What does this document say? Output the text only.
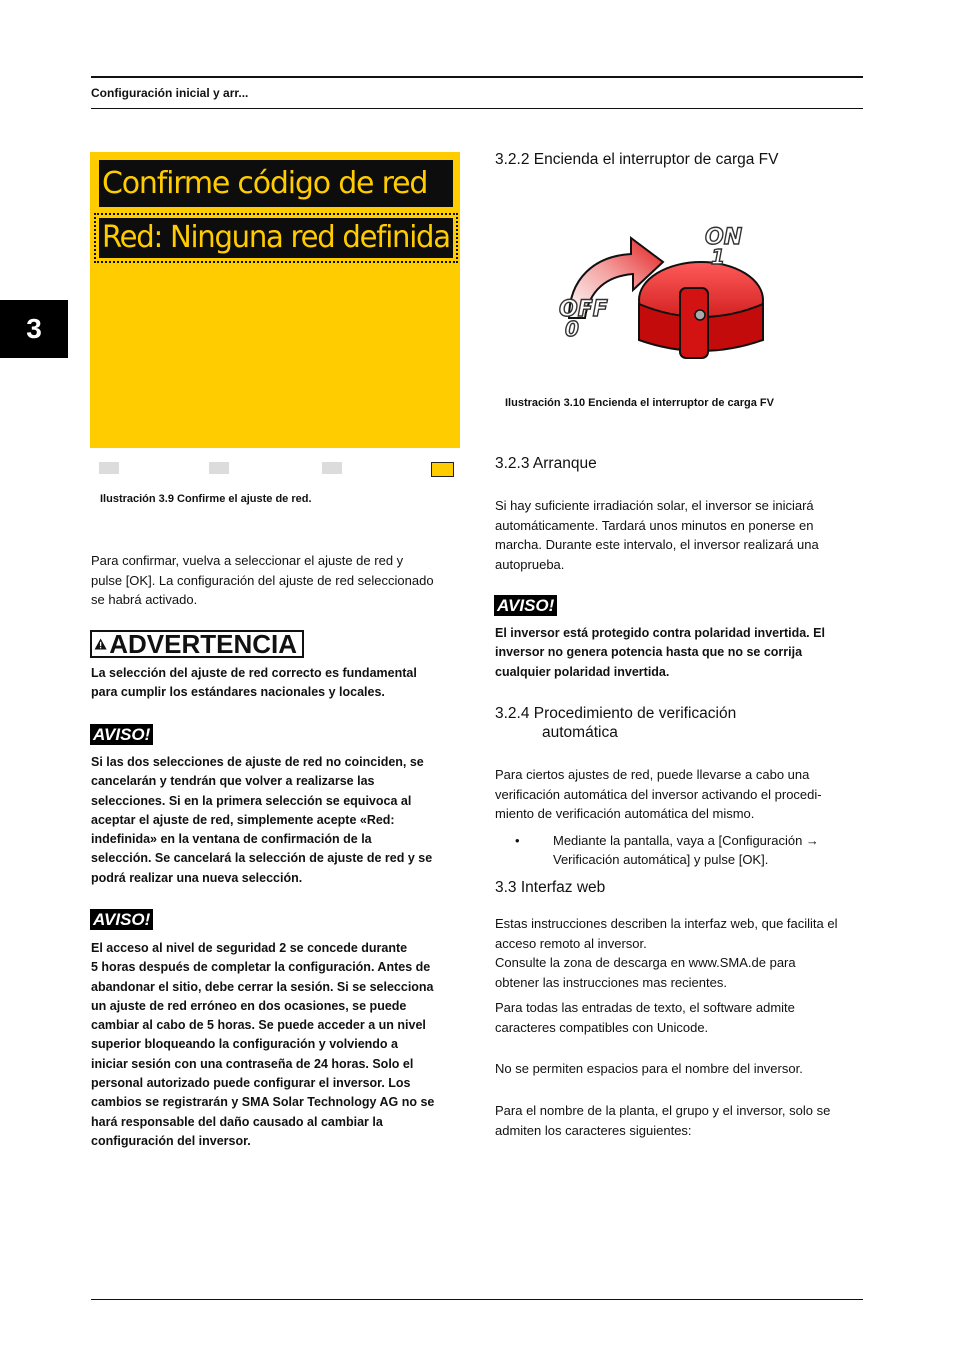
Configuración inicial y arr...
3
Confirme código de red
Red: Ninguna red definida
Ilustración 3.9 Confirme el ajuste de red.
Para confirmar, vuelva a seleccionar el ajuste de red y
pulse [OK]. La configuración del ajuste de red seleccionado
se habrá activado.
ADVERTENCIA
La selección del ajuste de red correcto es fundamental
para cumplir los estándares nacionales y locales.
AVISO!
Si las dos selecciones de ajuste de red no coinciden, se
cancelarán y tendrán que volver a realizarse las
selecciones. Si en la primera selección se equivoca al
aceptar el ajuste de red, simplemente acepte «Red:
indefinida» en la ventana de confirmación de la
selección. Se cancelará la selección de ajuste de red y se
podrá realizar una nueva selección.
AVISO!
El acceso al nivel de seguridad 2 se concede durante
5 horas después de completar la configuración. Antes de
abandonar el sitio, debe cerrar la sesión. Si se selecciona
un ajuste de red erróneo en dos ocasiones, se puede
cambiar al cabo de 5 horas. Se puede acceder a un nivel
superior bloqueando la configuración y volviendo a
iniciar sesión con una contraseña de 24 horas. Solo el
personal autorizado puede configurar el inversor. Los
cambios se registrarán y SMA Solar Technology AG no se
hará responsable del daño causado al cambiar la
configuración del inversor.
3.2.2 Encienda el interruptor de carga FV
ON
1
OFF
0
Ilustración 3.10 Encienda el interruptor de carga FV
3.2.3 Arranque
Si hay suficiente irradiación solar, el inversor se iniciará
automáticamente. Tardará unos minutos en ponerse en
marcha. Durante este intervalo, el inversor realizará una
autoprueba.
AVISO!
El inversor está protegido contra polaridad invertida. El
inversor no genera potencia hasta que no se corrija
cualquier polaridad invertida.
3.2.4 Procedimiento de verificación
automática
Para ciertos ajustes de red, puede llevarse a cabo una
verificación automática del inversor activando el procedi-
miento de verificación automática del mismo.
•	Mediante la pantalla, vaya a [Configuración →
Verificación automática] y pulse [OK].
3.3 Interfaz web
Estas instrucciones describen la interfaz web, que facilita el
acceso remoto al inversor.
Consulte la zona de descarga en www.SMA.de para
obtener las instrucciones mas recientes.
Para todas las entradas de texto, el software admite
caracteres compatibles con Unicode.
No se permiten espacios para el nombre del inversor.
Para el nombre de la planta, el grupo y el inversor, solo se
admiten los caracteres siguientes:
